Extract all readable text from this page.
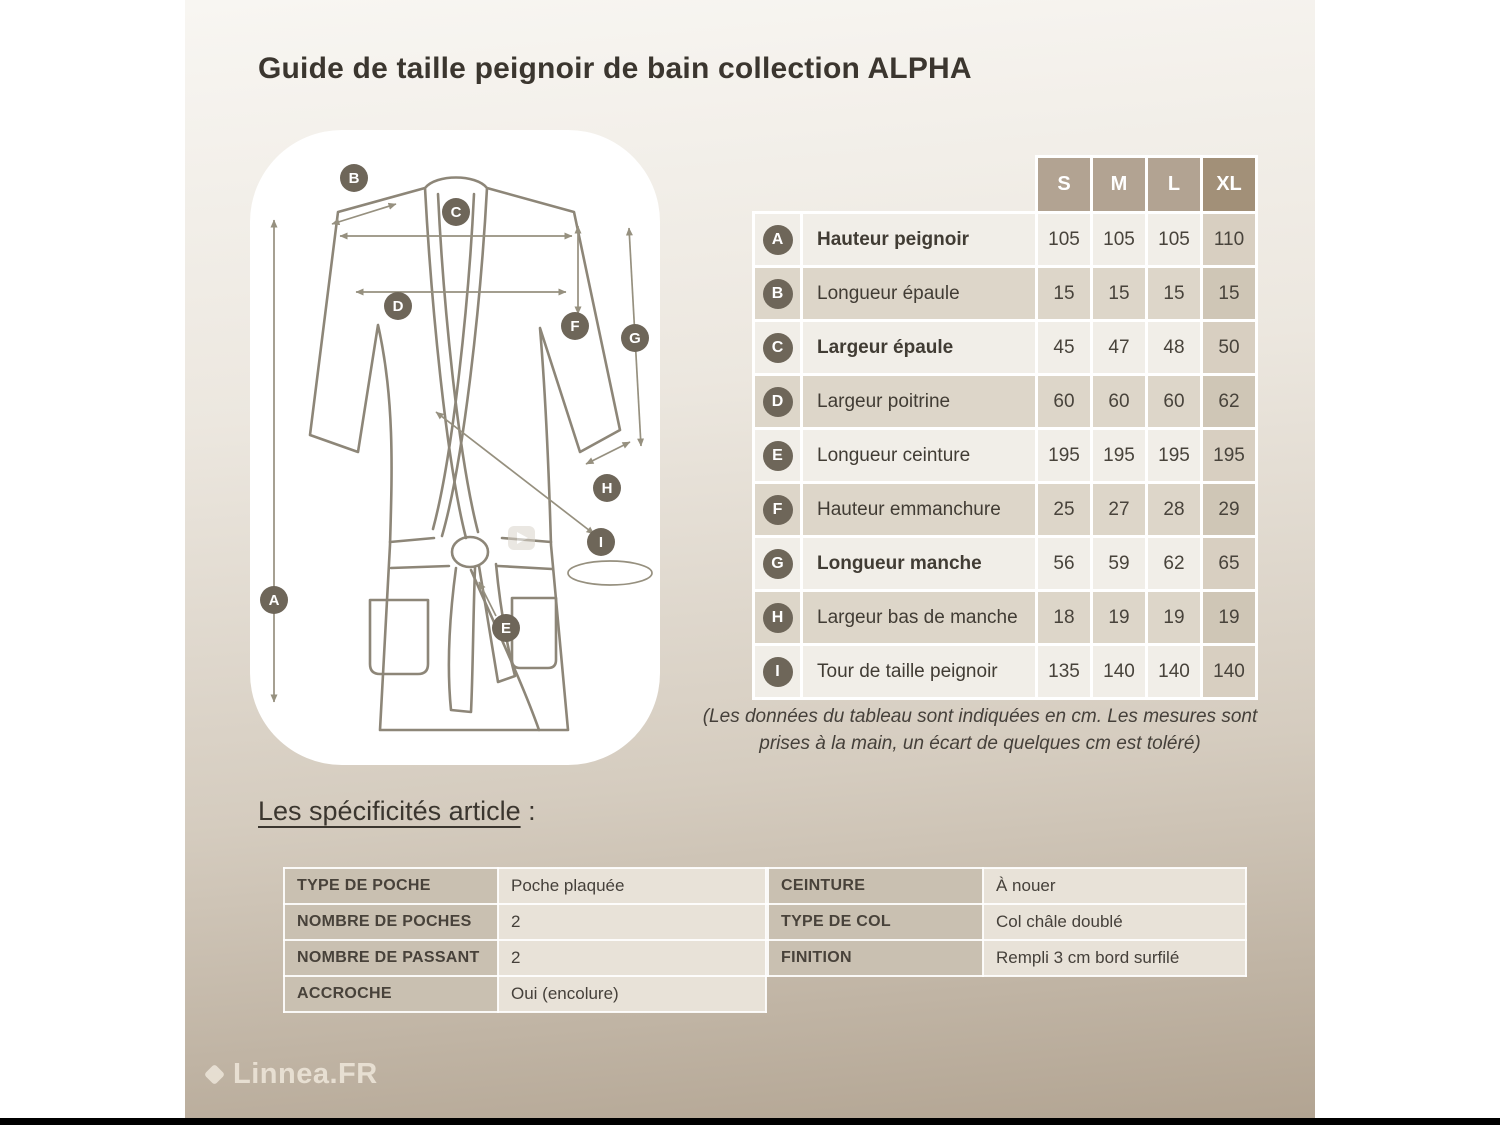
Guide de taille peignoir de bain collection ALPHA
A
B
C
D
E
F
G
H
I
		S	M	L	XL
A	Hauteur peignoir	105	105	105	110
B	Longueur épaule	15	15	15	15
C	Largeur épaule	45	47	48	50
D	Largeur poitrine	60	60	60	62
E	Longueur ceinture	195	195	195	195
F	Hauteur emmanchure	25	27	28	29
G	Longueur manche	56	59	62	65
H	Largeur bas de manche	18	19	19	19
I	Tour de taille peignoir	135	140	140	140
(Les données du tableau sont indiquées en cm. Les mesures sont prises à la main, un écart de quelques cm est toléré)
Les spécificités article :
TYPE DE POCHE	Poche plaquée
NOMBRE DE POCHES	2
NOMBRE DE PASSANT	2
ACCROCHE	Oui (encolure)
CEINTURE	À nouer
TYPE DE COL	Col châle doublé
FINITION	Rempli 3 cm bord surfilé
Linnea.FR
